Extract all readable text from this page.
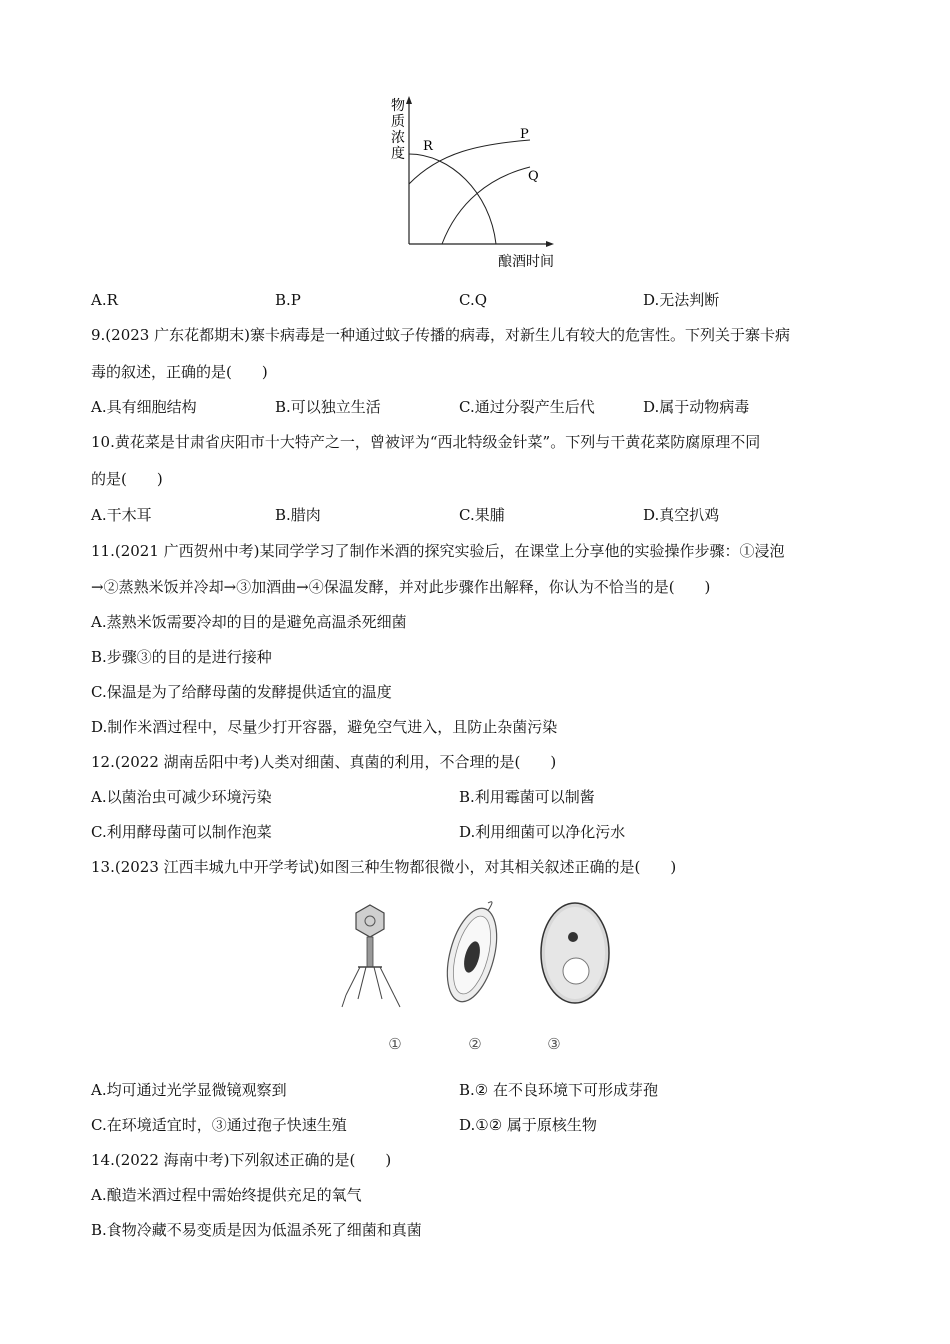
物
质
浓
度 R
P
Q
酿酒时间
A.R	B.P	C.Q	D.无法判断
9.(2023 广东花都期末)寨卡病毒是一种通过蚊子传播的病毒，对新生儿有较大的危害性。下列关于寨卡病
毒的叙述，正确的是(　　)
A.具有细胞结构	B.可以独立生活	C.通过分裂产生后代	D.属于动物病毒
10.黄花菜是甘肃省庆阳市十大特产之一，曾被评为“西北特级金针菜”。下列与干黄花菜防腐原理不同
的是(　　)
A.干木耳	B.腊肉	C.果脯	D.真空扒鸡
11.(2021 广西贺州中考)某同学学习了制作米酒的探究实验后，在课堂上分享他的实验操作步骤：①浸泡
→②蒸熟米饭并冷却→③加酒曲→④保温发酵，并对此步骤作出解释，你认为不恰当的是(　　)
A.蒸熟米饭需要冷却的目的是避免高温杀死细菌
B.步骤③的目的是进行接种
C.保温是为了给酵母菌的发酵提供适宜的温度
D.制作米酒过程中，尽量少打开容器，避免空气进入，且防止杂菌污染
12.(2022 湖南岳阳中考)人类对细菌、真菌的利用，不合理的是(　　)
A.以菌治虫可减少环境污染	B.利用霉菌可以制酱
C.利用酵母菌可以制作泡菜	D.利用细菌可以净化污水
13.(2023 江西丰城九中开学考试)如图三种生物都很微小，对其相关叙述正确的是(　　)
①	②	③
A.均可通过光学显微镜观察到	B.② 在不良环境下可形成芽孢
C.在环境适宜时，③通过孢子快速生殖	D.①② 属于原核生物
14.(2022 海南中考)下列叙述正确的是(　　)
A.酿造米酒过程中需始终提供充足的氧气
B.食物冷藏不易变质是因为低温杀死了细菌和真菌
